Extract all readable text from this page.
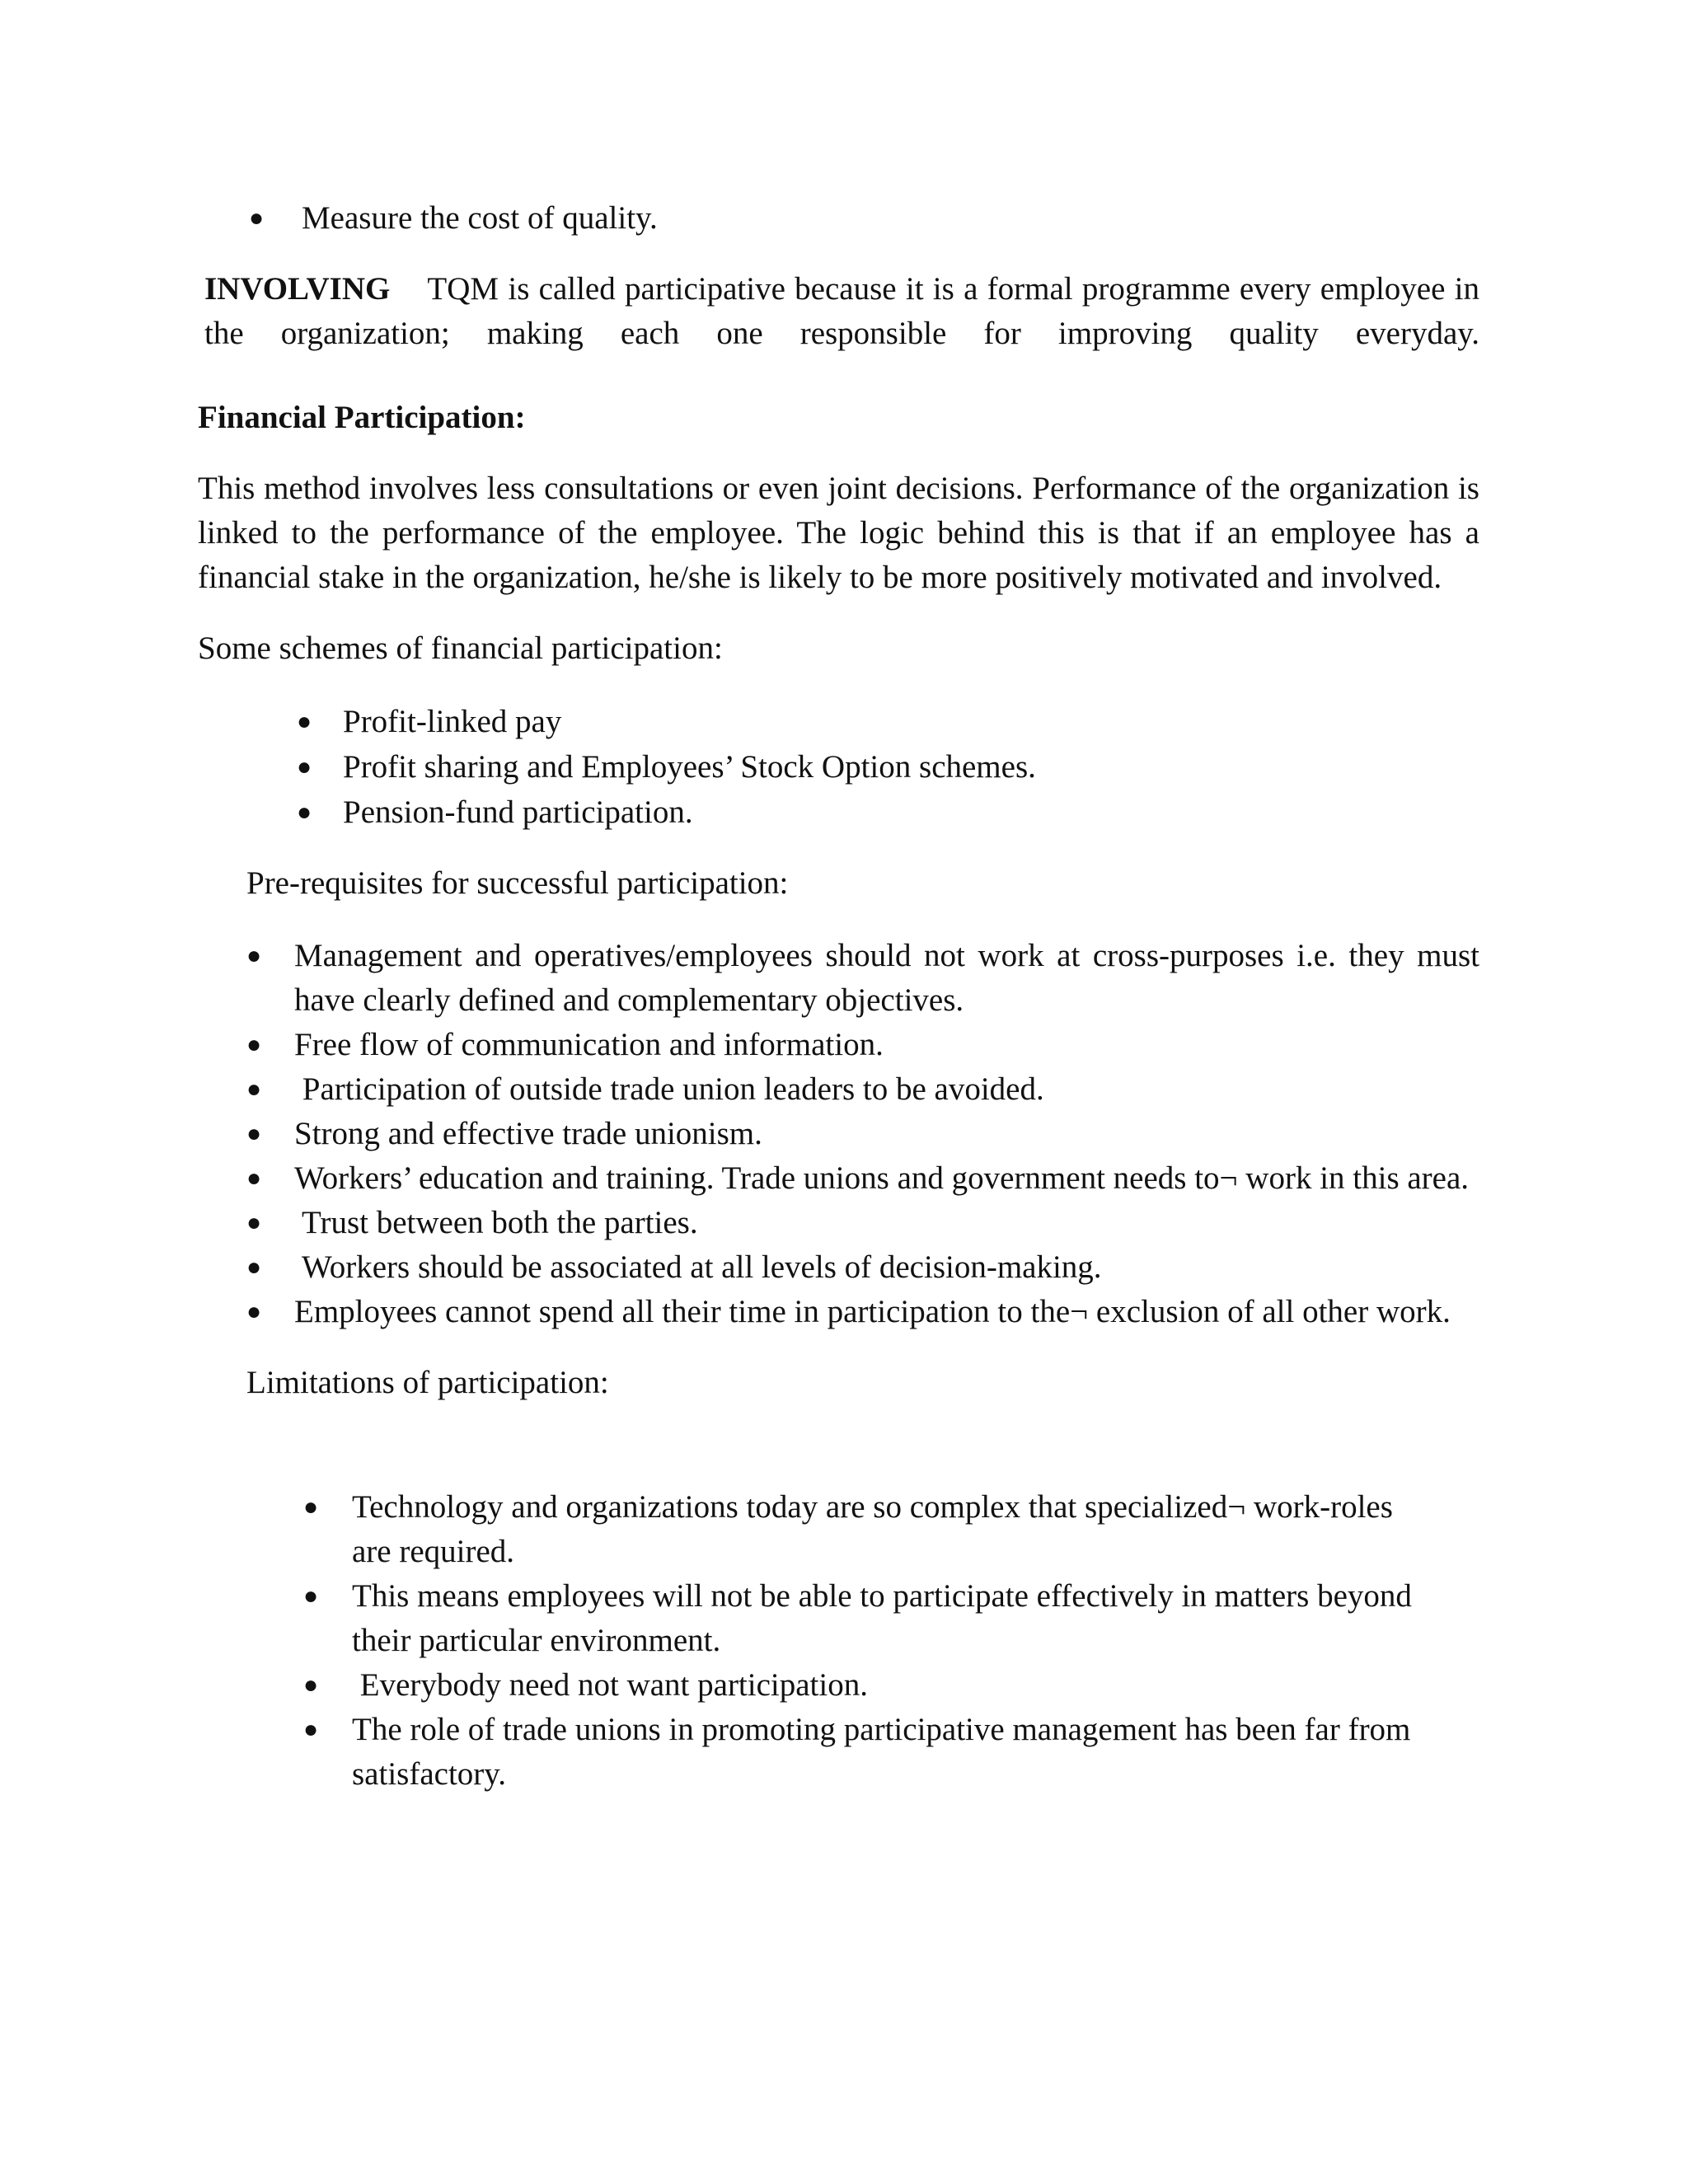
● Measure the cost of quality.

INVOLVING TQM is called participative because it is a formal programme every employee in the organization; making each one responsible for improving quality everyday.

Financial Participation:

This method involves less consultations or even joint decisions. Performance of the organization is linked to the performance of the employee. The logic behind this is that if an employee has a financial stake in the organization, he/she is likely to be more positively motivated and involved.

Some schemes of financial participation:

● Profit-linked pay
● Profit sharing and Employees’ Stock Option schemes.
● Pension-fund participation.

Pre-requisites for successful participation:

● Management and operatives/employees should not work at cross-purposes i.e. they must have clearly defined and complementary objectives.
● Free flow of communication and information.
● Participation of outside trade union leaders to be avoided.
● Strong and effective trade unionism.
● Workers’ education and training. Trade unions and government needs to¬ work in this area.
● Trust between both the parties.
● Workers should be associated at all levels of decision-making.
● Employees cannot spend all their time in participation to the¬ exclusion of all other work.

Limitations of participation:

● Technology and organizations today are so complex that specialized¬ work-roles are required.
● This means employees will not be able to participate effectively in matters beyond their particular environment.
● Everybody need not want participation.
● The role of trade unions in promoting participative management has been far from satisfactory.
